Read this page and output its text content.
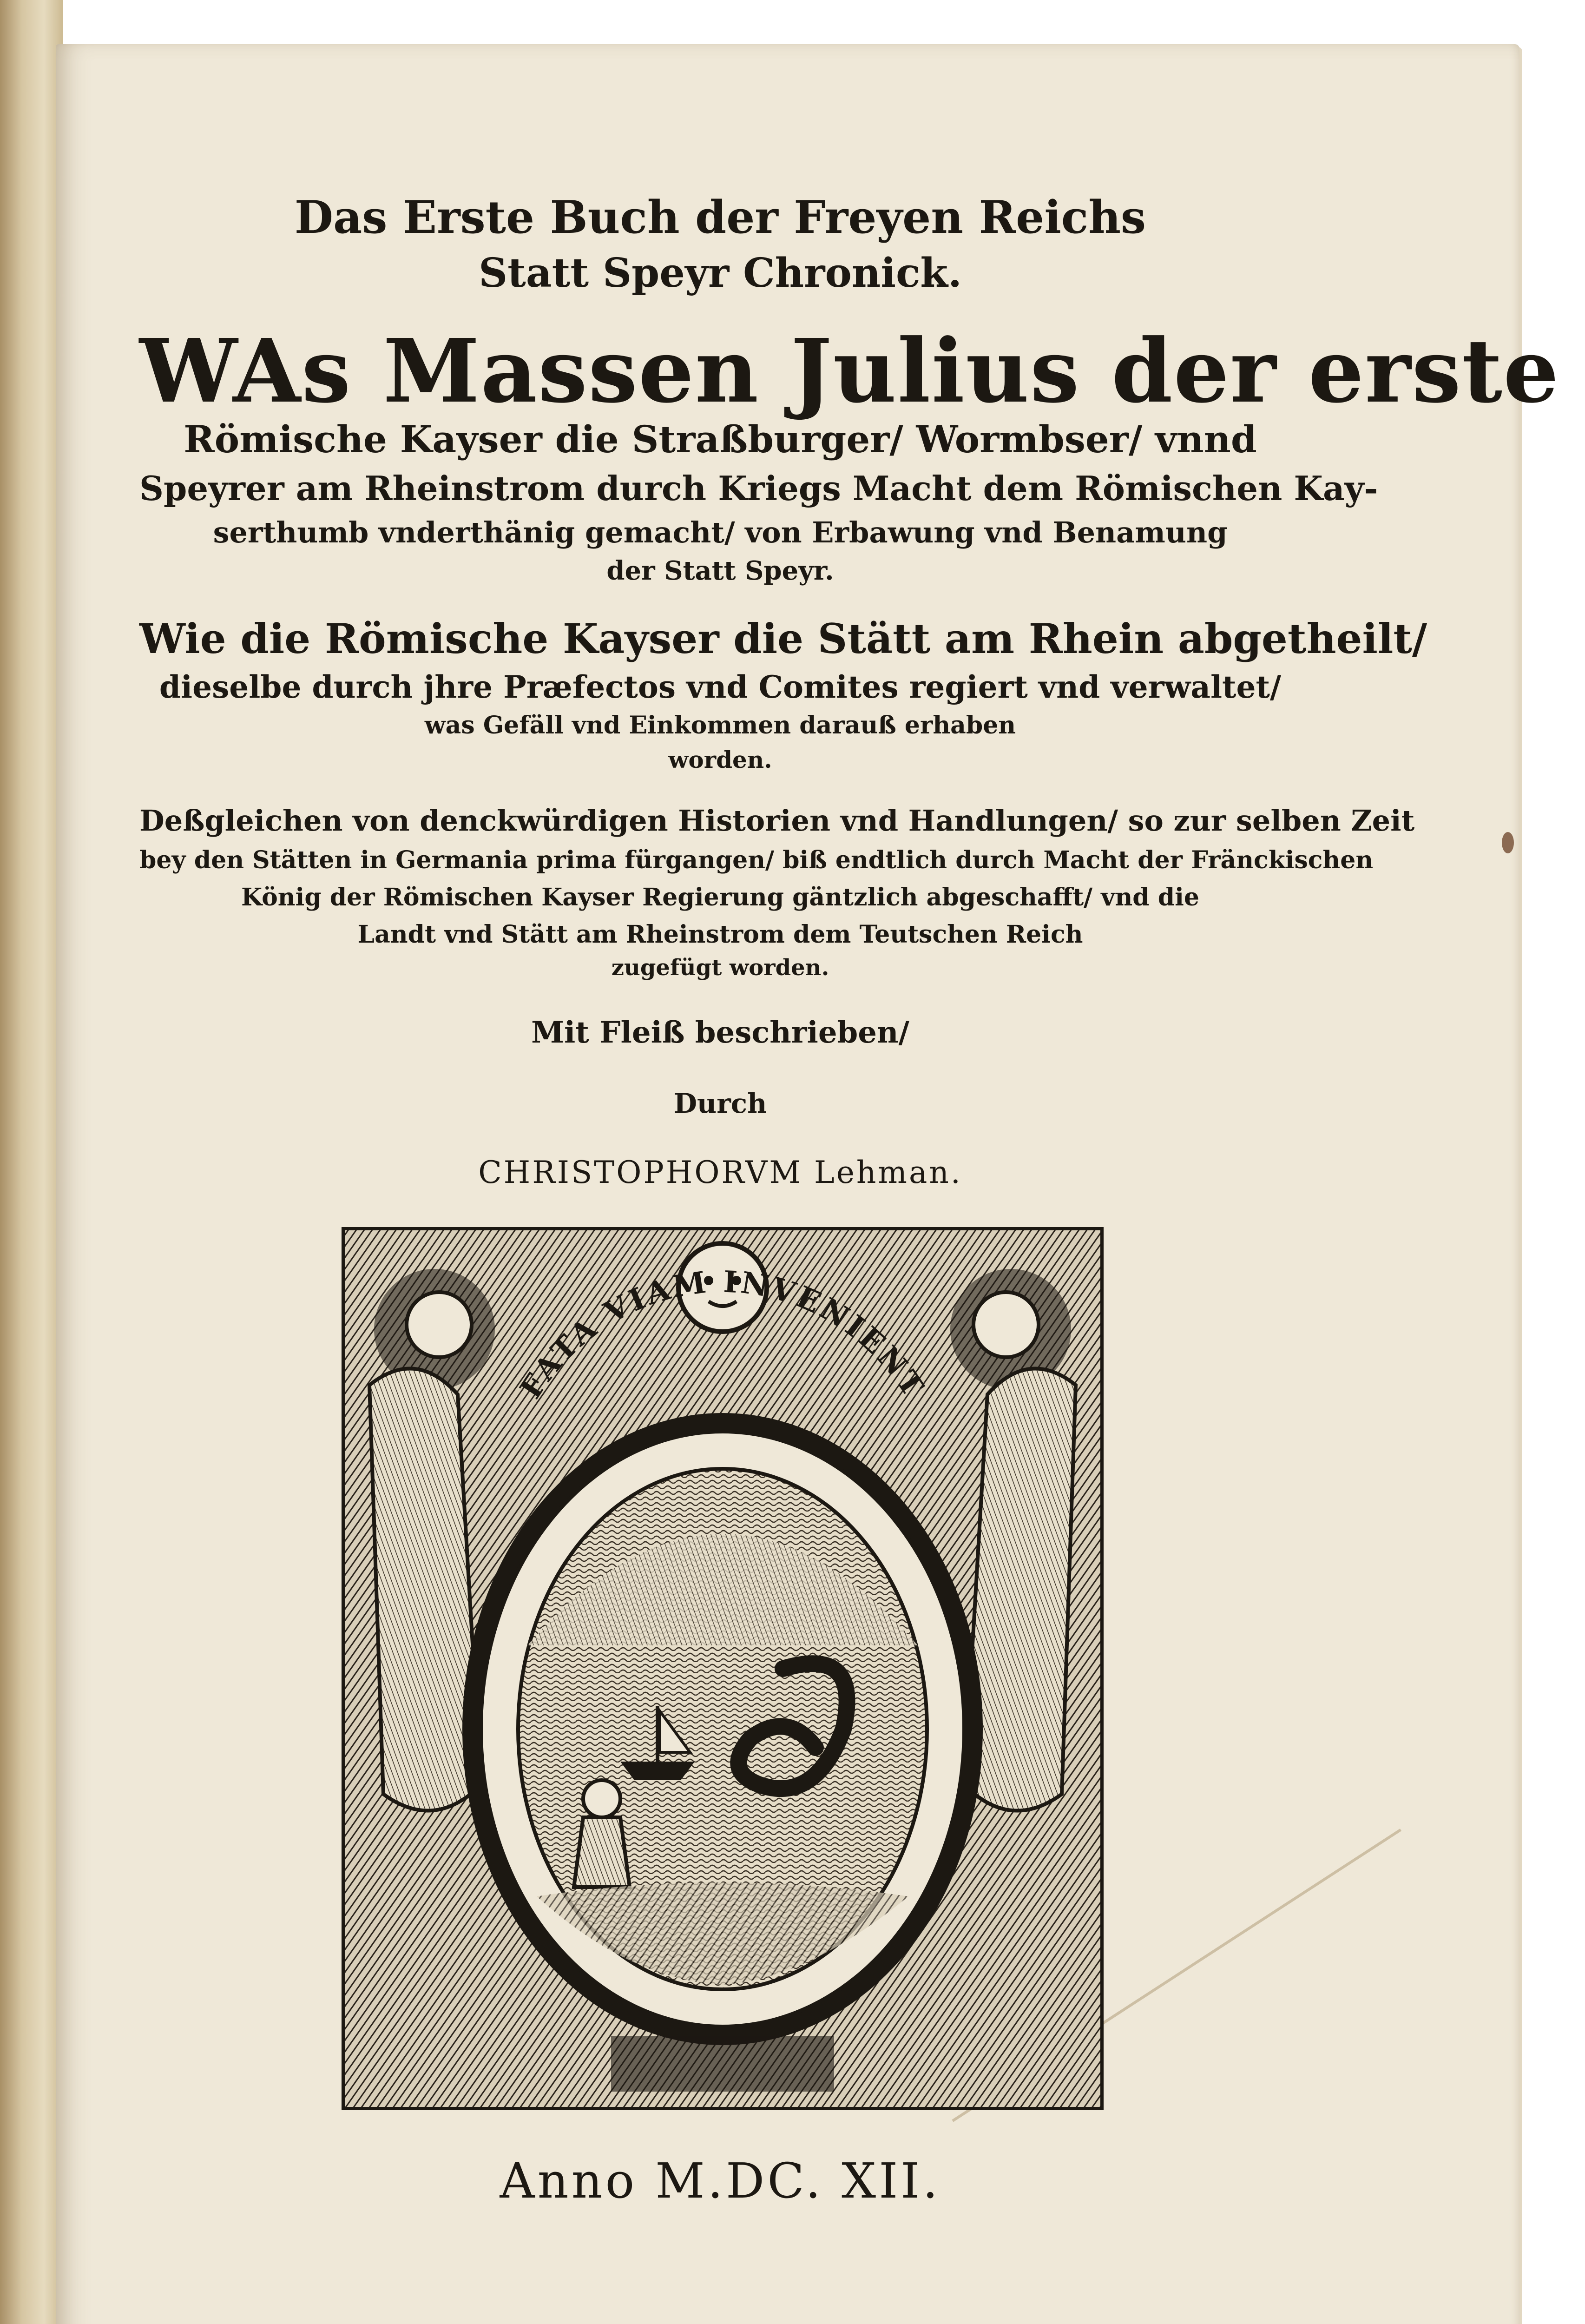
Das Erste Buch der Freyen Reichs

Statt Speyr Chronick.

WAs Massen Julius der erste

Römische Kayser die Straßburger/ Wormbser/ vnnd

Speyrer am Rheinstrom durch Kriegs Macht dem Römischen Kay-

serthumb vnderthänig gemacht/ von Erbawung vnd Benamung

der Statt Speyr.

Wie die Römische Kayser die Stätt am Rhein abgetheilt/

dieselbe durch jhre Præfectos vnd Comites regiert vnd verwaltet/

was Gefäll vnd Einkommen darauß erhaben

worden.

Deßgleichen von denckwürdigen Historien vnd Handlungen/ so zur selben Zeit

bey den Stätten in Germania prima fürgangen/ biß endtlich durch Macht der Fränckischen

König der Römischen Kayser Regierung gäntzlich abgeschafft/ vnd die

Landt vnd Stätt am Rheinstrom dem Teutschen Reich

zugefügt worden.

Mit Fleiß beschrieben/

Durch

CHRISTOPHORVM Lehman.

FATA VIAM INVENIENT

Anno M.DC. XII.
